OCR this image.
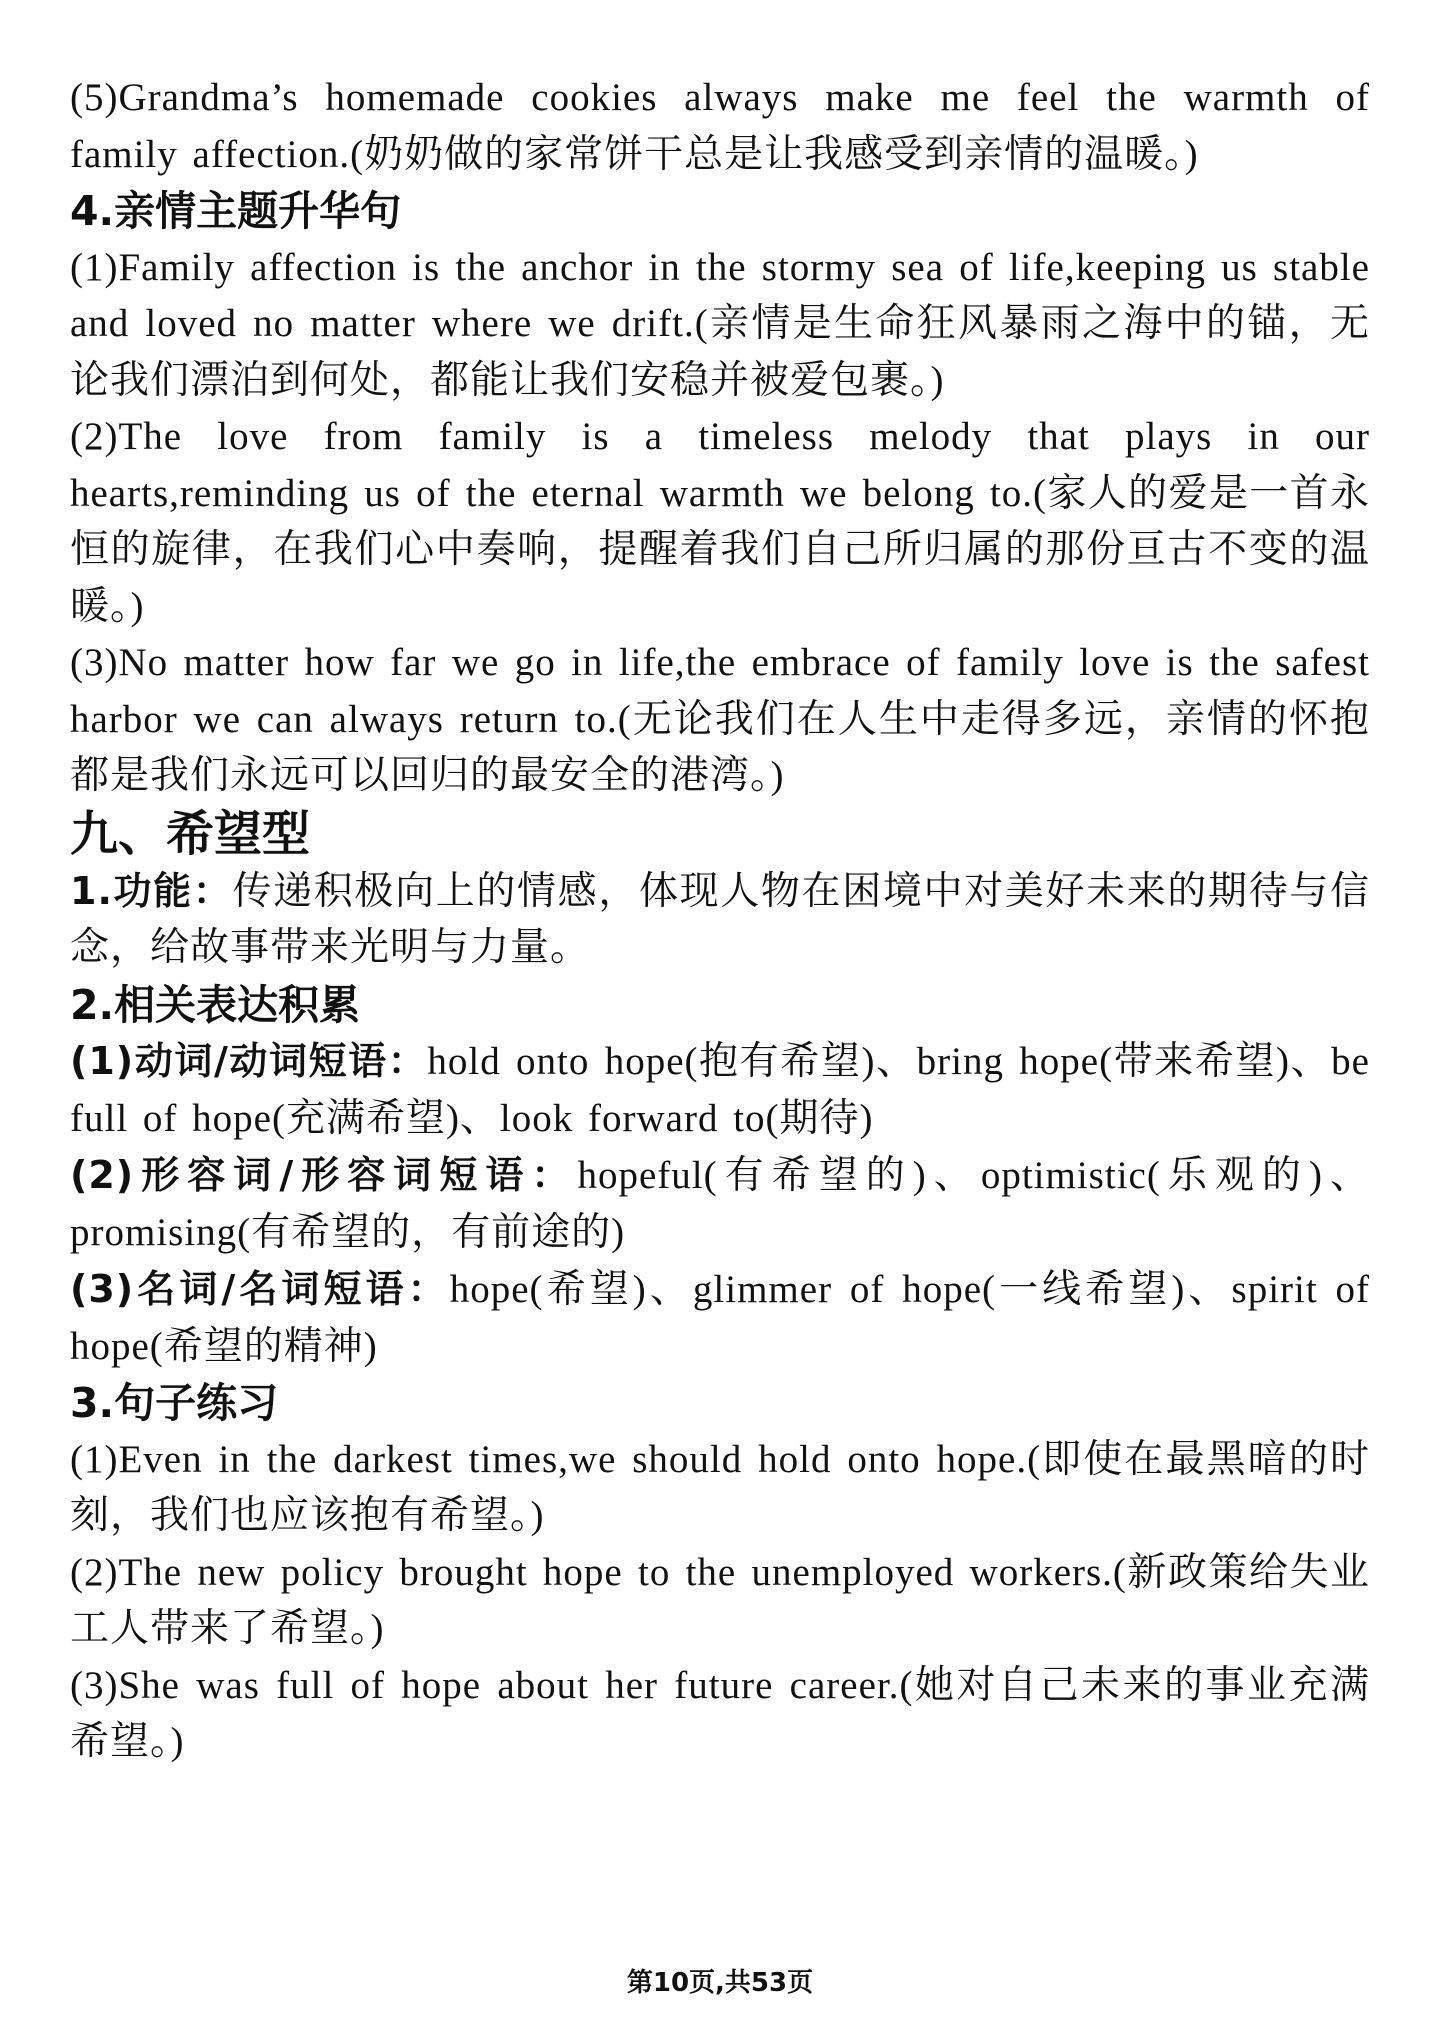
(5)Grandma’s homemade cookies always make me feel the warmth of family affection.(奶奶做的家常饼干总是让我感受到亲情的温暖。)

4.亲情主题升华句

(1)Family affection is the anchor in the stormy sea of life,keeping us stable and loved no matter where we drift.(亲情是生命狂风暴雨之海中的锚，无论我们漂泊到何处，都能让我们安稳并被爱包裹。)

(2)The love from family is a timeless melody that plays in our hearts,reminding us of the eternal warmth we belong to.(家人的爱是一首永恒的旋律，在我们心中奏响，提醒着我们自己所归属的那份亘古不变的温暖。)

(3)No matter how far we go in life,the embrace of family love is the safest harbor we can always return to.(无论我们在人生中走得多远，亲情的怀抱都是我们永远可以回归的最安全的港湾。)

九、希望型

1.功能：传递积极向上的情感，体现人物在困境中对美好未来的期待与信念，给故事带来光明与力量。

2.相关表达积累

(1)动词/动词短语：hold onto hope(抱有希望)、bring hope(带来希望)、be full of hope(充满希望)、look forward to(期待)

(2)形容词/形容词短语：hopeful(有希望的)、optimistic(乐观的)、promising(有希望的，有前途的)

(3)名词/名词短语：hope(希望)、glimmer of hope(一线希望)、spirit of hope(希望的精神)

3.句子练习

(1)Even in the darkest times,we should hold onto hope.(即使在最黑暗的时刻，我们也应该抱有希望。)

(2)The new policy brought hope to the unemployed workers.(新政策给失业工人带来了希望。)

(3)She was full of hope about her future career.(她对自己未来的事业充满希望。)

第10页,共53页
